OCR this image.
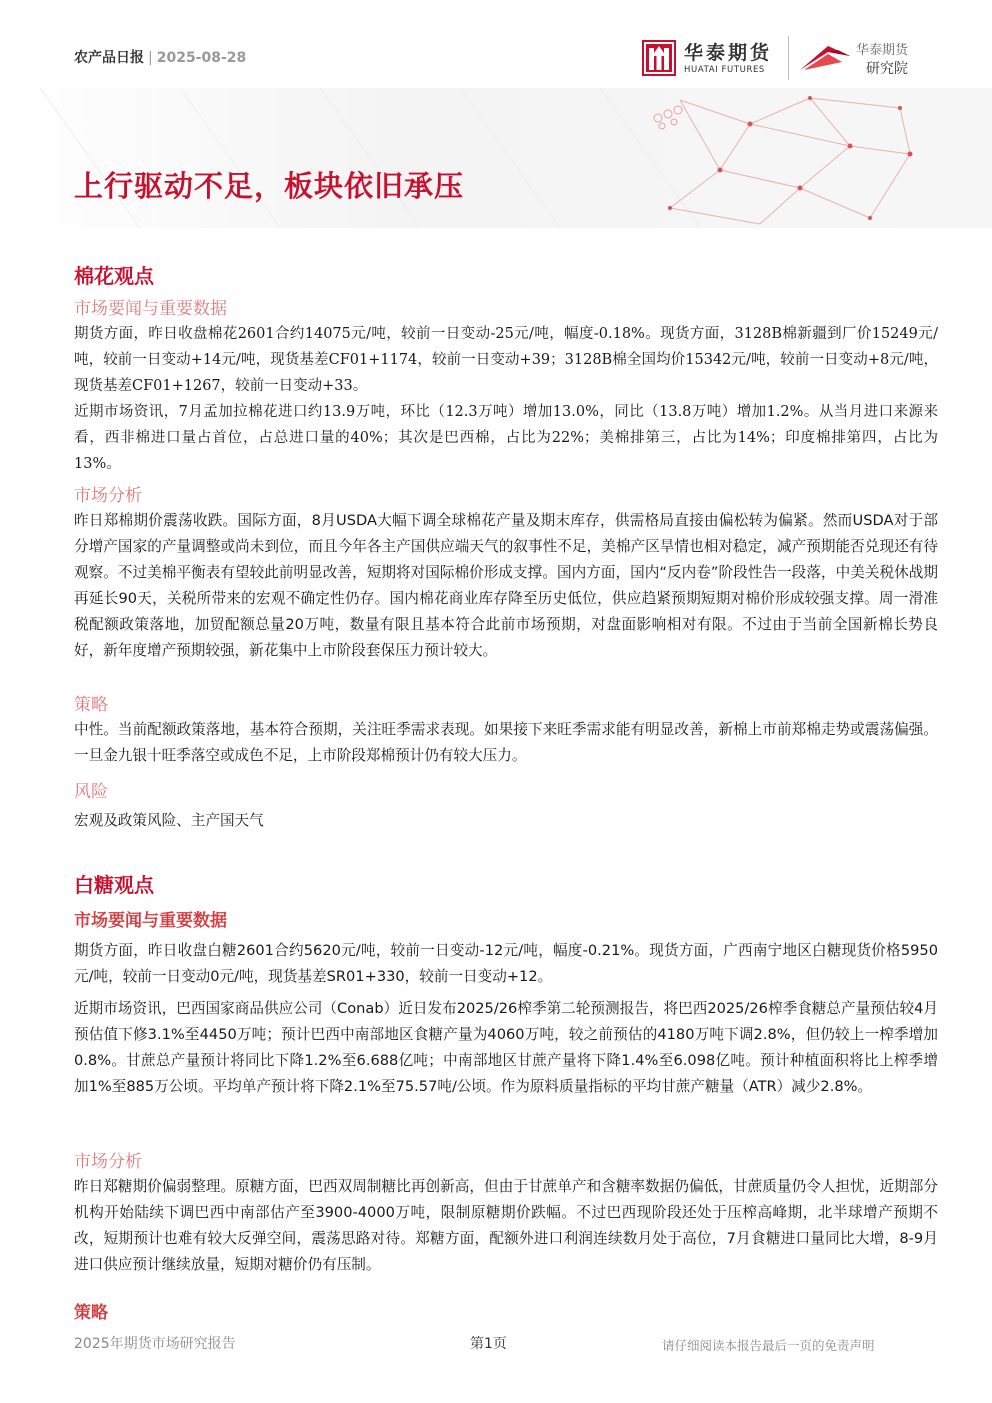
农产品日报 | 2025-08-28	华泰期货
HUATAI FUTURES
华泰期货
研究院
上行驱动不足，板块依旧承压
棉花观点
市场要闻与重要数据
期货方面，昨日收盘棉花2601合约14075元/吨，较前一日变动-25元/吨，幅度-0.18%。现货方面，3128B棉新疆到厂价15249元/吨，较前一日变动+14元/吨，现货基差CF01+1174，较前一日变动+39；3128B棉全国均价15342元/吨，较前一日变动+8元/吨，现货基差CF01+1267，较前一日变动+33。
近期市场资讯，7月孟加拉棉花进口约13.9万吨，环比（12.3万吨）增加13.0%，同比（13.8万吨）增加1.2%。从当月进口来源来看，西非棉进口量占首位，占总进口量的40%；其次是巴西棉，占比为22%；美棉排第三，占比为14%；印度棉排第四，占比为13%。
市场分析
昨日郑棉期价震荡收跌。国际方面，8月USDA大幅下调全球棉花产量及期末库存，供需格局直接由偏松转为偏紧。然而USDA对于部分增产国家的产量调整或尚未到位，而且今年各主产国供应端天气的叙事性不足，美棉产区旱情也相对稳定，减产预期能否兑现还有待观察。不过美棉平衡表有望较此前明显改善，短期将对国际棉价形成支撑。国内方面，国内“反内卷”阶段性告一段落，中美关税休战期再延长90天，关税所带来的宏观不确定性仍存。国内棉花商业库存降至历史低位，供应趋紧预期短期对棉价形成较强支撑。周一滑准税配额政策落地，加贸配额总量20万吨，数量有限且基本符合此前市场预期，对盘面影响相对有限。不过由于当前全国新棉长势良好，新年度增产预期较强，新花集中上市阶段套保压力预计较大。
策略
中性。当前配额政策落地，基本符合预期，关注旺季需求表现。如果接下来旺季需求能有明显改善，新棉上市前郑棉走势或震荡偏强。一旦金九银十旺季落空或成色不足，上市阶段郑棉预计仍有较大压力。
风险
宏观及政策风险、主产国天气
白糖观点
市场要闻与重要数据
期货方面，昨日收盘白糖2601合约5620元/吨，较前一日变动-12元/吨，幅度-0.21%。现货方面，广西南宁地区白糖现货价格5950元/吨，较前一日变动0元/吨，现货基差SR01+330，较前一日变动+12。
近期市场资讯，巴西国家商品供应公司（Conab）近日发布2025/26榨季第二轮预测报告，将巴西2025/26榨季食糖总产量预估较4月预估值下修3.1%至4450万吨；预计巴西中南部地区食糖产量为4060万吨，较之前预估的4180万吨下调2.8%，但仍较上一榨季增加0.8%。甘蔗总产量预计将同比下降1.2%至6.688亿吨；中南部地区甘蔗产量将下降1.4%至6.098亿吨。预计种植面积将比上榨季增加1%至885万公顷。平均单产预计将下降2.1%至75.57吨/公顷。作为原料质量指标的平均甘蔗产糖量（ATR）减少2.8%。
市场分析
昨日郑糖期价偏弱整理。原糖方面，巴西双周制糖比再创新高，但由于甘蔗单产和含糖率数据仍偏低，甘蔗质量仍令人担忧，近期部分机构开始陆续下调巴西中南部估产至3900-4000万吨，限制原糖期价跌幅。不过巴西现阶段还处于压榨高峰期，北半球增产预期不改，短期预计也难有较大反弹空间，震荡思路对待。郑糖方面，配额外进口利润连续数月处于高位，7月食糖进口量同比大增，8-9月进口供应预计继续放量，短期对糖价仍有压制。
策略
2025年期货市场研究报告	第1页	请仔细阅读本报告最后一页的免责声明
